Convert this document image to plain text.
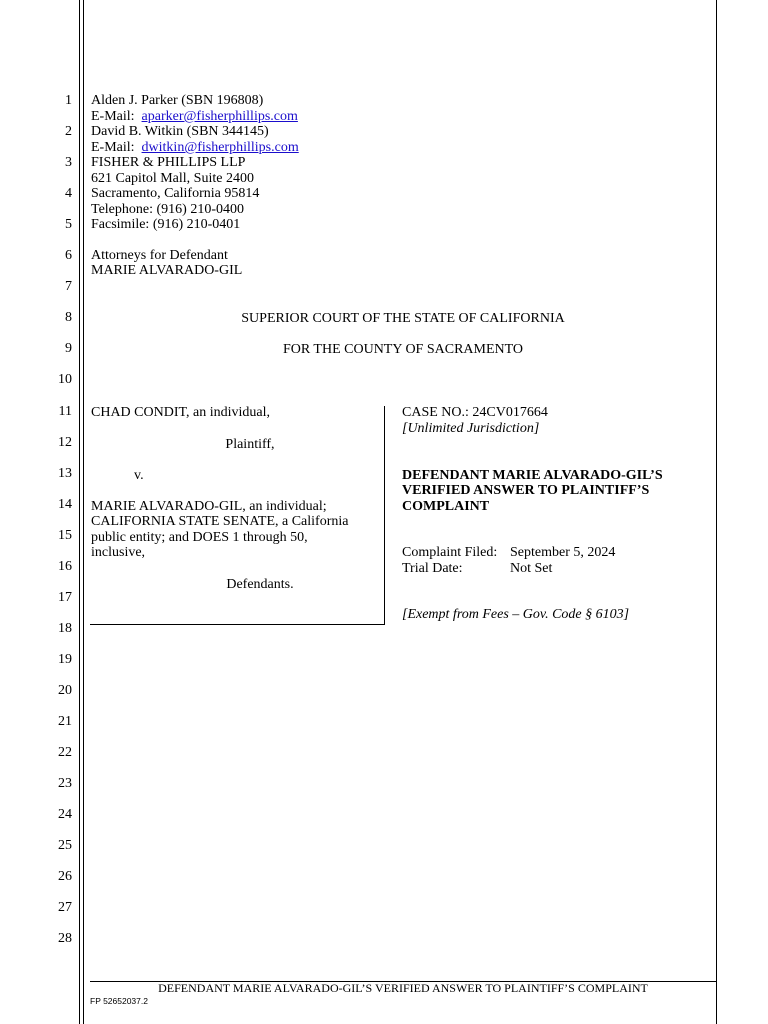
1
2
3
4
5
6
7
8
9
10
11
12
13
14
15
16
17
18
19
20
21
22
23
24
25
26
27
28
Alden J. Parker (SBN 196808)
E-Mail: aparker@fisherphillips.com
David B. Witkin (SBN 344145)
E-Mail: dwitkin@fisherphillips.com
FISHER & PHILLIPS LLP
621 Capitol Mall, Suite 2400
Sacramento, California 95814
Telephone: (916) 210-0400
Facsimile: (916) 210-0401
Attorneys for Defendant
MARIE ALVARADO-GIL
SUPERIOR COURT OF THE STATE OF CALIFORNIA
FOR THE COUNTY OF SACRAMENTO
CHAD CONDIT, an individual,
Plaintiff,
v.
MARIE ALVARADO-GIL, an individual;
CALIFORNIA STATE SENATE, a California
public entity; and DOES 1 through 50,
inclusive,
Defendants.
CASE NO.: 24CV017664
[Unlimited Jurisdiction]
DEFENDANT MARIE ALVARADO-GIL’S
VERIFIED ANSWER TO PLAINTIFF’S
COMPLAINT
Complaint Filed: September 5, 2024
Trial Date:	Not Set
[Exempt from Fees – Gov. Code § 6103]
DEFENDANT MARIE ALVARADO-GIL’S VERIFIED ANSWER TO PLAINTIFF’S COMPLAINT
FP 52652037.2
